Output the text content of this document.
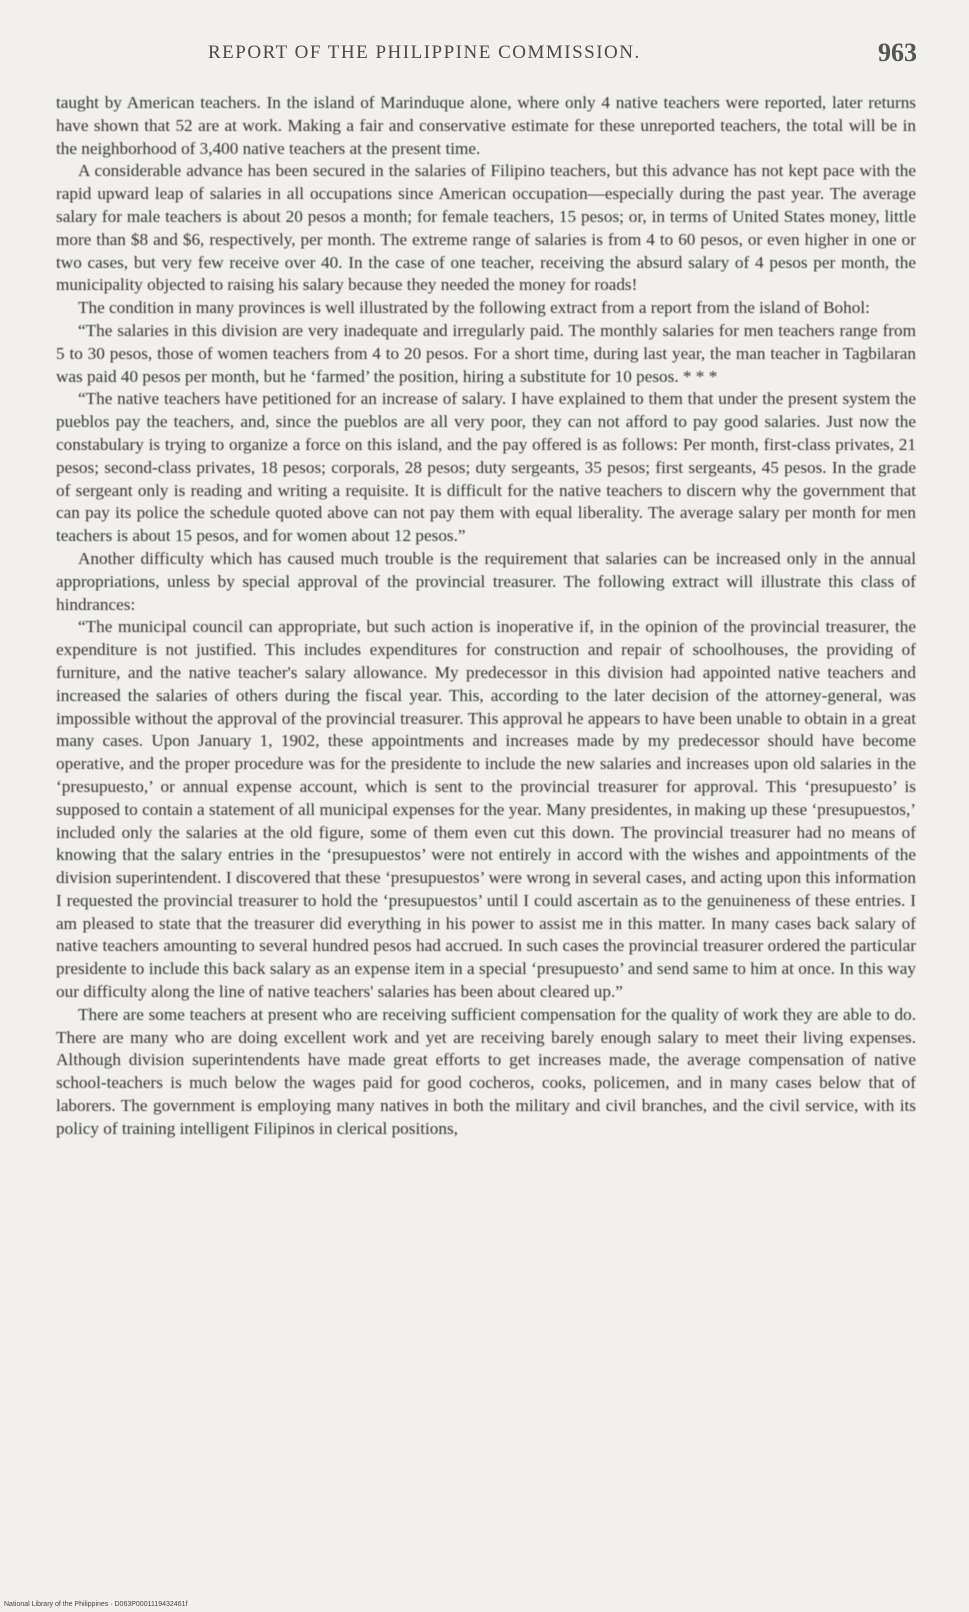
REPORT OF THE PHILIPPINE COMMISSION.	963

taught by American teachers. In the island of Marinduque alone, where only 4 native teachers were reported, later returns have shown that 52 are at work. Making a fair and conservative estimate for these unreported teachers, the total will be in the neighborhood of 3,400 native teachers at the present time.

A considerable advance has been secured in the salaries of Filipino teachers, but this advance has not kept pace with the rapid upward leap of salaries in all occupations since American occupation—especially during the past year. The average salary for male teachers is about 20 pesos a month; for female teachers, 15 pesos; or, in terms of United States money, little more than $8 and $6, respectively, per month. The extreme range of salaries is from 4 to 60 pesos, or even higher in one or two cases, but very few receive over 40. In the case of one teacher, receiving the absurd salary of 4 pesos per month, the municipality objected to raising his salary because they needed the money for roads!

The condition in many provinces is well illustrated by the following extract from a report from the island of Bohol:

“The salaries in this division are very inadequate and irregularly paid. The monthly salaries for men teachers range from 5 to 30 pesos, those of women teachers from 4 to 20 pesos. For a short time, during last year, the man teacher in Tagbilaran was paid 40 pesos per month, but he ‘farmed’ the position, hiring a substitute for 10 pesos. * * *

“The native teachers have petitioned for an increase of salary. I have explained to them that under the present system the pueblos pay the teachers, and, since the pueblos are all very poor, they can not afford to pay good salaries. Just now the constabulary is trying to organize a force on this island, and the pay offered is as follows: Per month, first-class privates, 21 pesos; second-class privates, 18 pesos; corporals, 28 pesos; duty sergeants, 35 pesos; first sergeants, 45 pesos. In the grade of sergeant only is reading and writing a requisite. It is difficult for the native teachers to discern why the government that can pay its police the schedule quoted above can not pay them with equal liberality. The average salary per month for men teachers is about 15 pesos, and for women about 12 pesos.”

Another difficulty which has caused much trouble is the requirement that salaries can be increased only in the annual appropriations, unless by special approval of the provincial treasurer. The following extract will illustrate this class of hindrances:

“The municipal council can appropriate, but such action is inoperative if, in the opinion of the provincial treasurer, the expenditure is not justified. This includes expenditures for construction and repair of schoolhouses, the providing of furniture, and the native teacher's salary allowance. My predecessor in this division had appointed native teachers and increased the salaries of others during the fiscal year. This, according to the later decision of the attorney-general, was impossible without the approval of the provincial treasurer. This approval he appears to have been unable to obtain in a great many cases. Upon January 1, 1902, these appointments and increases made by my predecessor should have become operative, and the proper procedure was for the presidente to include the new salaries and increases upon old salaries in the ‘presupuesto,’ or annual expense account, which is sent to the provincial treasurer for approval. This ‘presupuesto’ is supposed to contain a statement of all municipal expenses for the year. Many presidentes, in making up these ‘presupuestos,’ included only the salaries at the old figure, some of them even cut this down. The provincial treasurer had no means of knowing that the salary entries in the ‘presupuestos’ were not entirely in accord with the wishes and appointments of the division superintendent. I discovered that these ‘presupuestos’ were wrong in several cases, and acting upon this information I requested the provincial treasurer to hold the ‘presupuestos’ until I could ascertain as to the genuineness of these entries. I am pleased to state that the treasurer did everything in his power to assist me in this matter. In many cases back salary of native teachers amounting to several hundred pesos had accrued. In such cases the provincial treasurer ordered the particular presidente to include this back salary as an expense item in a special ‘presupuesto’ and send same to him at once. In this way our difficulty along the line of native teachers' salaries has been about cleared up.”

There are some teachers at present who are receiving sufficient compensation for the quality of work they are able to do. There are many who are doing excellent work and yet are receiving barely enough salary to meet their living expenses. Although division superintendents have made great efforts to get increases made, the average compensation of native school-teachers is much below the wages paid for good cocheros, cooks, policemen, and in many cases below that of laborers. The government is employing many natives in both the military and civil branches, and the civil service, with its policy of training intelligent Filipinos in clerical positions,

National Library of the Philippines · D063P0001119432461f
